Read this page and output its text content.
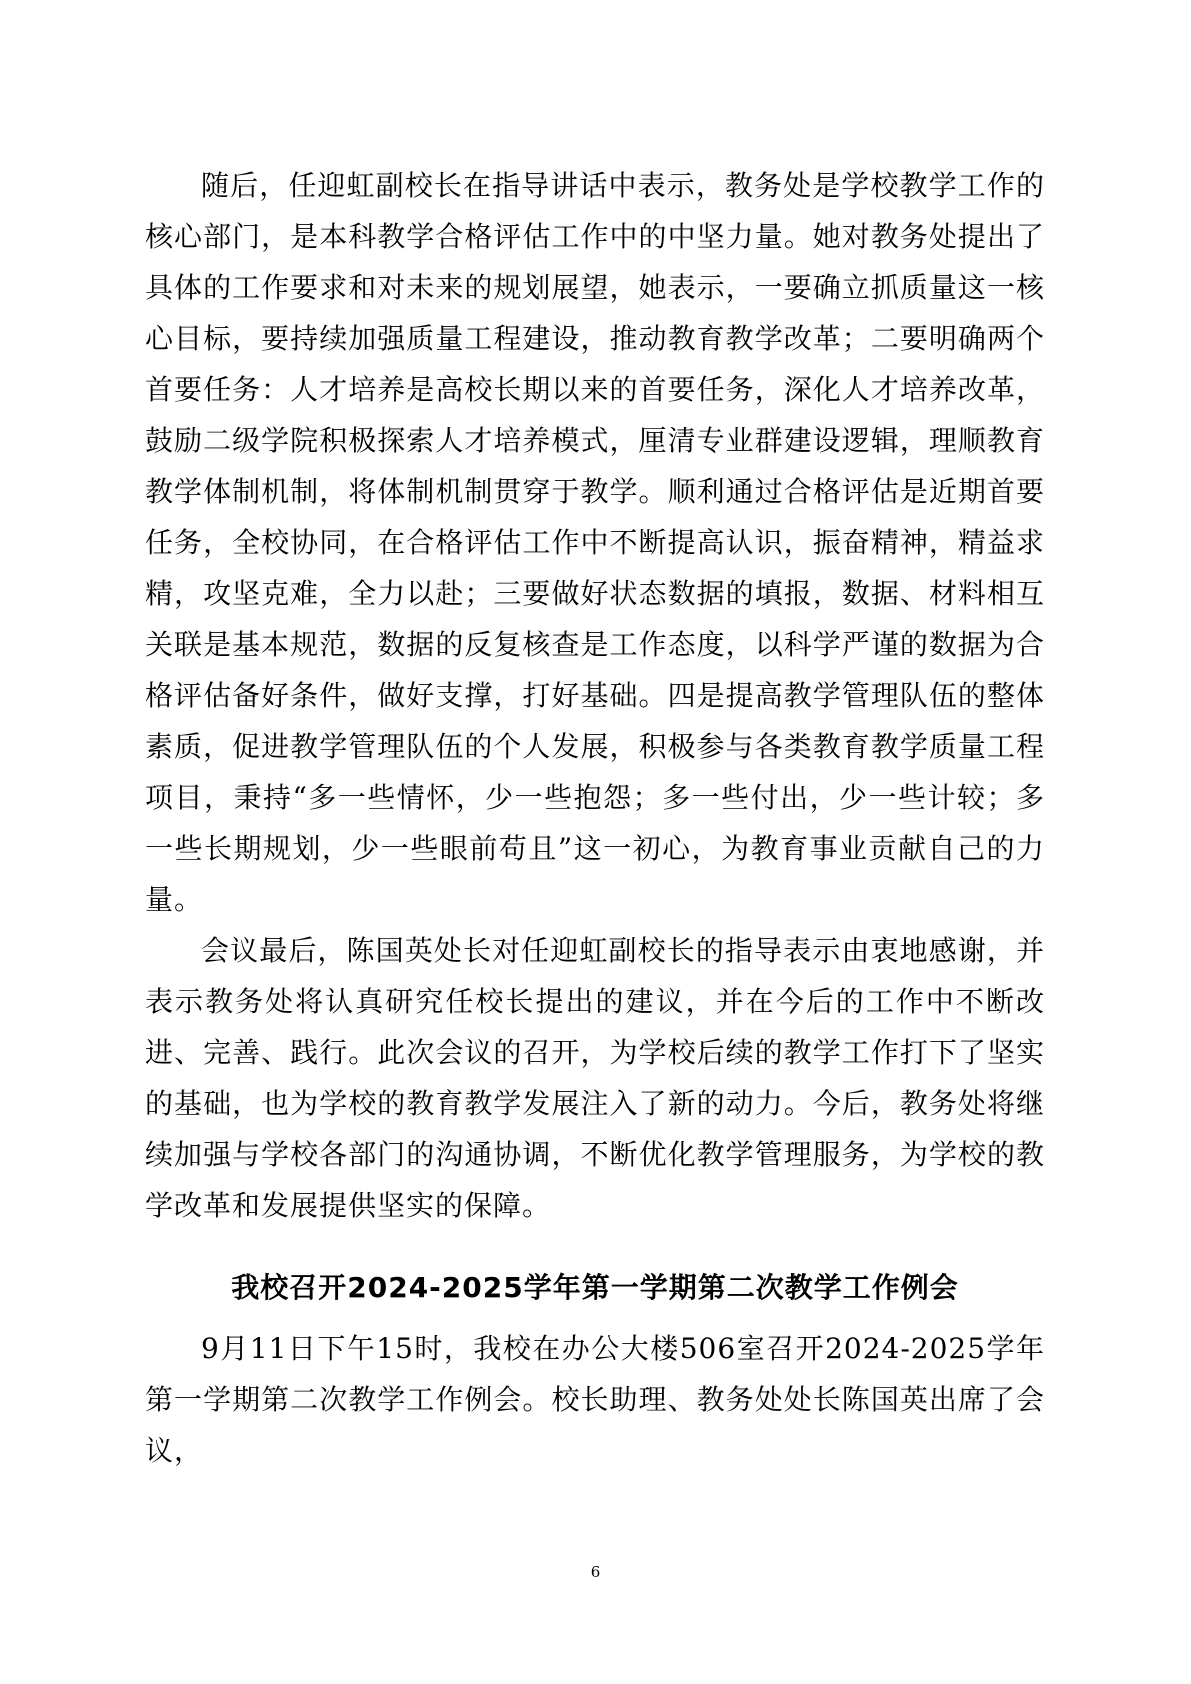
随后，任迎虹副校长在指导讲话中表示，教务处是学校教学工作的核心部门，是本科教学合格评估工作中的中坚力量。她对教务处提出了具体的工作要求和对未来的规划展望，她表示，一要确立抓质量这一核心目标，要持续加强质量工程建设，推动教育教学改革；二要明确两个首要任务：人才培养是高校长期以来的首要任务，深化人才培养改革，鼓励二级学院积极探索人才培养模式，厘清专业群建设逻辑，理顺教育教学体制机制，将体制机制贯穿于教学。顺利通过合格评估是近期首要任务，全校协同，在合格评估工作中不断提高认识，振奋精神，精益求精，攻坚克难，全力以赴；三要做好状态数据的填报，数据、材料相互关联是基本规范，数据的反复核查是工作态度，以科学严谨的数据为合格评估备好条件，做好支撑，打好基础。四是提高教学管理队伍的整体素质，促进教学管理队伍的个人发展，积极参与各类教育教学质量工程项目，秉持“多一些情怀，少一些抱怨；多一些付出，少一些计较；多一些长期规划，少一些眼前苟且”这一初心，为教育事业贡献自己的力量。

会议最后，陈国英处长对任迎虹副校长的指导表示由衷地感谢，并表示教务处将认真研究任校长提出的建议，并在今后的工作中不断改进、完善、践行。此次会议的召开，为学校后续的教学工作打下了坚实的基础，也为学校的教育教学发展注入了新的动力。今后，教务处将继续加强与学校各部门的沟通协调，不断优化教学管理服务，为学校的教学改革和发展提供坚实的保障。

我校召开2024-2025学年第一学期第二次教学工作例会

9月11日下午15时，我校在办公大楼506室召开2024-2025学年第一学期第二次教学工作例会。校长助理、教务处处长陈国英出席了会议，

6
